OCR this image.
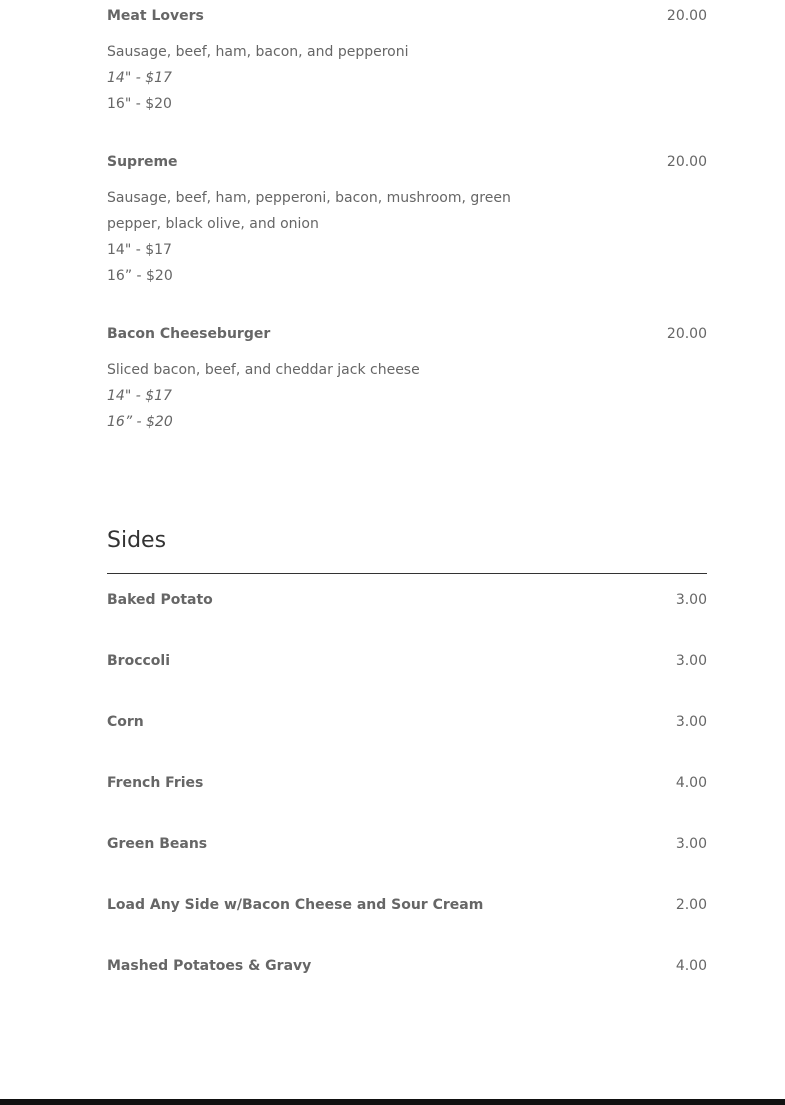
Meat Lovers	20.00
Sausage, beef, ham, bacon, and pepperoni
14" - $17
16" - $20
Supreme	20.00
Sausage, beef, ham, pepperoni, bacon, mushroom, green pepper, black olive, and onion
14" - $17
16” - $20
Bacon Cheeseburger	20.00
Sliced bacon, beef, and cheddar jack cheese
14" - $17
16” - $20
Sides
Baked Potato	3.00
Broccoli	3.00
Corn	3.00
French Fries	4.00
Green Beans	3.00
Load Any Side w/Bacon Cheese and Sour Cream	2.00
Mashed Potatoes & Gravy	4.00
